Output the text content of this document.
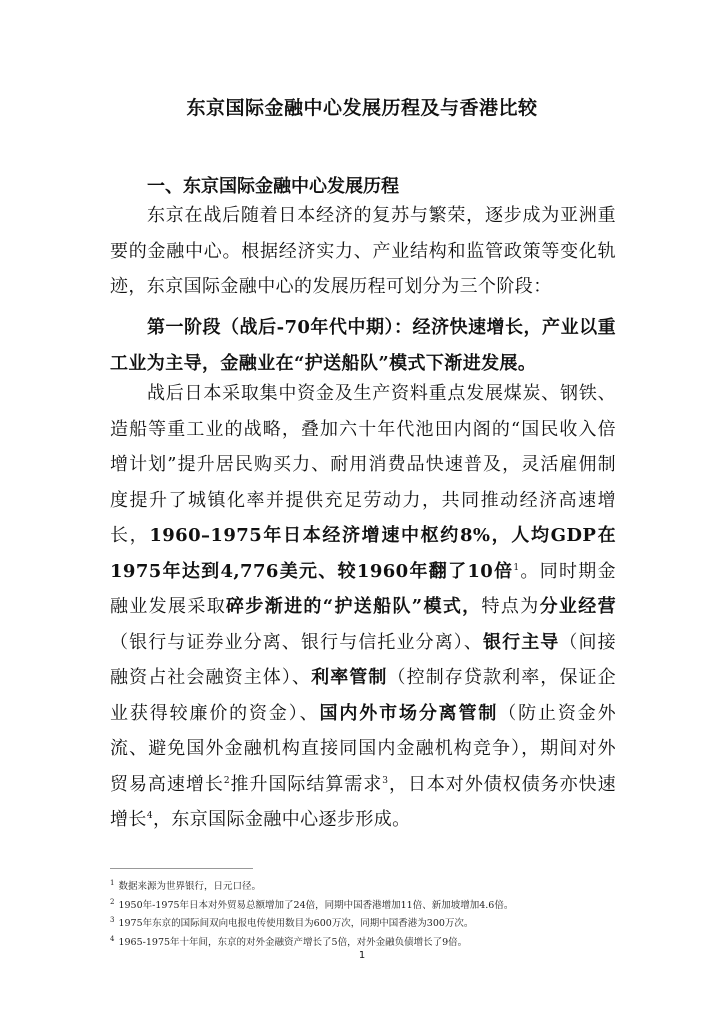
东京国际金融中心发展历程及与香港比较
一、东京国际金融中心发展历程

东京在战后随着日本经济的复苏与繁荣，逐步成为亚洲重要的金融中心。根据经济实力、产业结构和监管政策等变化轨迹，东京国际金融中心的发展历程可划分为三个阶段：

第一阶段（战后-70年代中期）：经济快速增长，产业以重工业为主导，金融业在“护送船队”模式下渐进发展。

战后日本采取集中资金及生产资料重点发展煤炭、钢铁、造船等重工业的战略，叠加六十年代池田内阁的“国民收入倍增计划”提升居民购买力、耐用消费品快速普及，灵活雇佣制度提升了城镇化率并提供充足劳动力，共同推动经济高速增长，1960–1975年日本经济增速中枢约8%，人均GDP在1975年达到4,776美元、较1960年翻了10倍$^1$。同时期金融业发展采取碎步渐进的“护送船队”模式，特点为分业经营（银行与证券业分离、银行与信托业分离）、银行主导（间接融资占社会融资主体）、利率管制（控制存贷款利率，保证企业获得较廉价的资金）、国内外市场分离管制（防止资金外流、避免国外金融机构直接同国内金融机构竞争），期间对外贸易高速增长$^2$推升国际结算需求$^3$，日本对外债权债务亦快速增长$^4$，东京国际金融中心逐步形成。

$^1$ 数据来源为世界银行，日元口径。
$^2$ 1950年-1975年日本对外贸易总额增加了24倍，同期中国香港增加11倍、新加坡增加4.6倍。
$^3$ 1975年东京的国际间双向电报电传使用数目为600万次，同期中国香港为300万次。
$^4$ 1965-1975年十年间，东京的对外金融资产增长了5倍，对外金融负债增长了9倍。
1
